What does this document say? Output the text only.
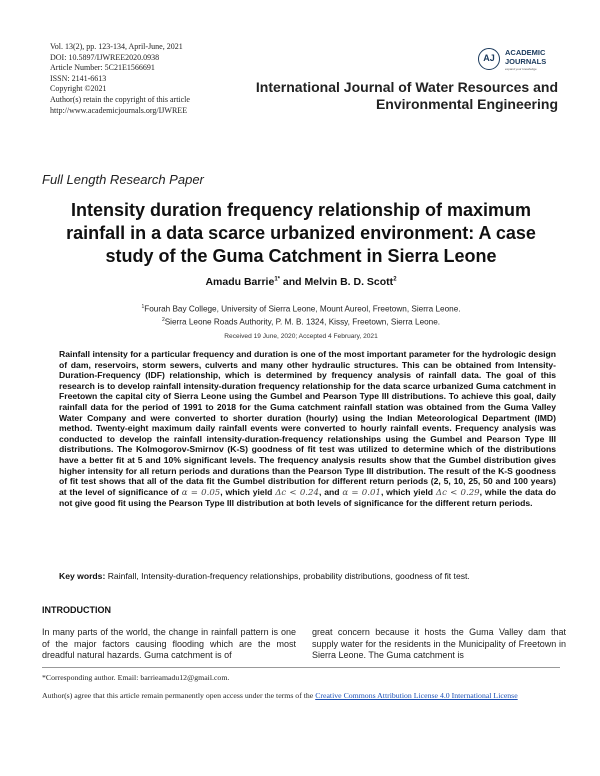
Vol. 13(2), pp. 123-134, April-June, 2021
DOI: 10.5897/IJWREE2020.0938
Article Number: 5C21E1566691
ISSN: 2141-6613
Copyright ©2021
Author(s) retain the copyright of this article
http://www.academicjournals.org/IJWREE
AJ
ACADEMIC
JOURNALS
expand your knowledge
International Journal of Water Resources and
Environmental Engineering
Full Length Research Paper
Intensity duration frequency relationship of maximum rainfall in a data scarce urbanized environment: A case study of the Guma Catchment in Sierra Leone
Amadu Barrie$^{1*}$ and Melvin B. D. Scott$^2$
$^1$Fourah Bay College, University of Sierra Leone, Mount Aureol, Freetown, Sierra Leone.
$^2$Sierra Leone Roads Authority, P. M. B. 1324, Kissy, Freetown, Sierra Leone.
Received 19 June, 2020; Accepted 4 February, 2021
Rainfall intensity for a particular frequency and duration is one of the most important parameter for the hydrologic design of dam, reservoirs, storm sewers, culverts and many other hydraulic structures. This can be obtained from Intensity-Duration-Frequency (IDF) relationship, which is determined by frequency analysis of rainfall data. The goal of this research is to develop rainfall intensity-duration frequency relationship for the data scarce urbanized Guma catchment in Freetown the capital city of Sierra Leone using the Gumbel and Pearson Type III distributions. To achieve this goal, daily rainfall data for the period of 1991 to 2018 for the Guma catchment rainfall station was obtained from the Guma Valley Water Company and were converted to shorter duration (hourly) using the Indian Meteorological Department (IMD) method. Twenty-eight maximum daily rainfall events were converted to hourly rainfall events. Frequency analysis was conducted to develop the rainfall intensity-duration-frequency relationships using the Gumbel and Pearson Type III distributions. The Kolmogorov-Smirnov (K-S) goodness of fit test was utilized to determine which of the distributions have a better fit at 5 and 10% significant levels. The frequency analysis results show that the Gumbel distribution gives higher intensity for all return periods and durations than the Pearson Type III distribution. The result of the K-S goodness of fit test shows that all of the data fit the Gumbel distribution for different return periods (2, 5, 10, 25, 50 and 100 years) at the level of significance of α = 0.05, which yield Δc < 0.24, and α = 0.01, which yield Δc < 0.29, while the data do not give good fit using the Pearson Type III distribution at both levels of significance for the different return periods.
Key words: Rainfall, Intensity-duration-frequency relationships, probability distributions, goodness of fit test.
INTRODUCTION
In many parts of the world, the change in rainfall pattern is one of the major factors causing flooding which are the most dreadful natural hazards. Guma catchment is of
great concern because it hosts the Guma Valley dam that supply water for the residents in the Municipality of Freetown in Sierra Leone. The Guma catchment is
*Corresponding author. Email: barrieamadu12@gmail.com.
Author(s) agree that this article remain permanently open access under the terms of the Creative Commons Attribution License 4.0 International License
